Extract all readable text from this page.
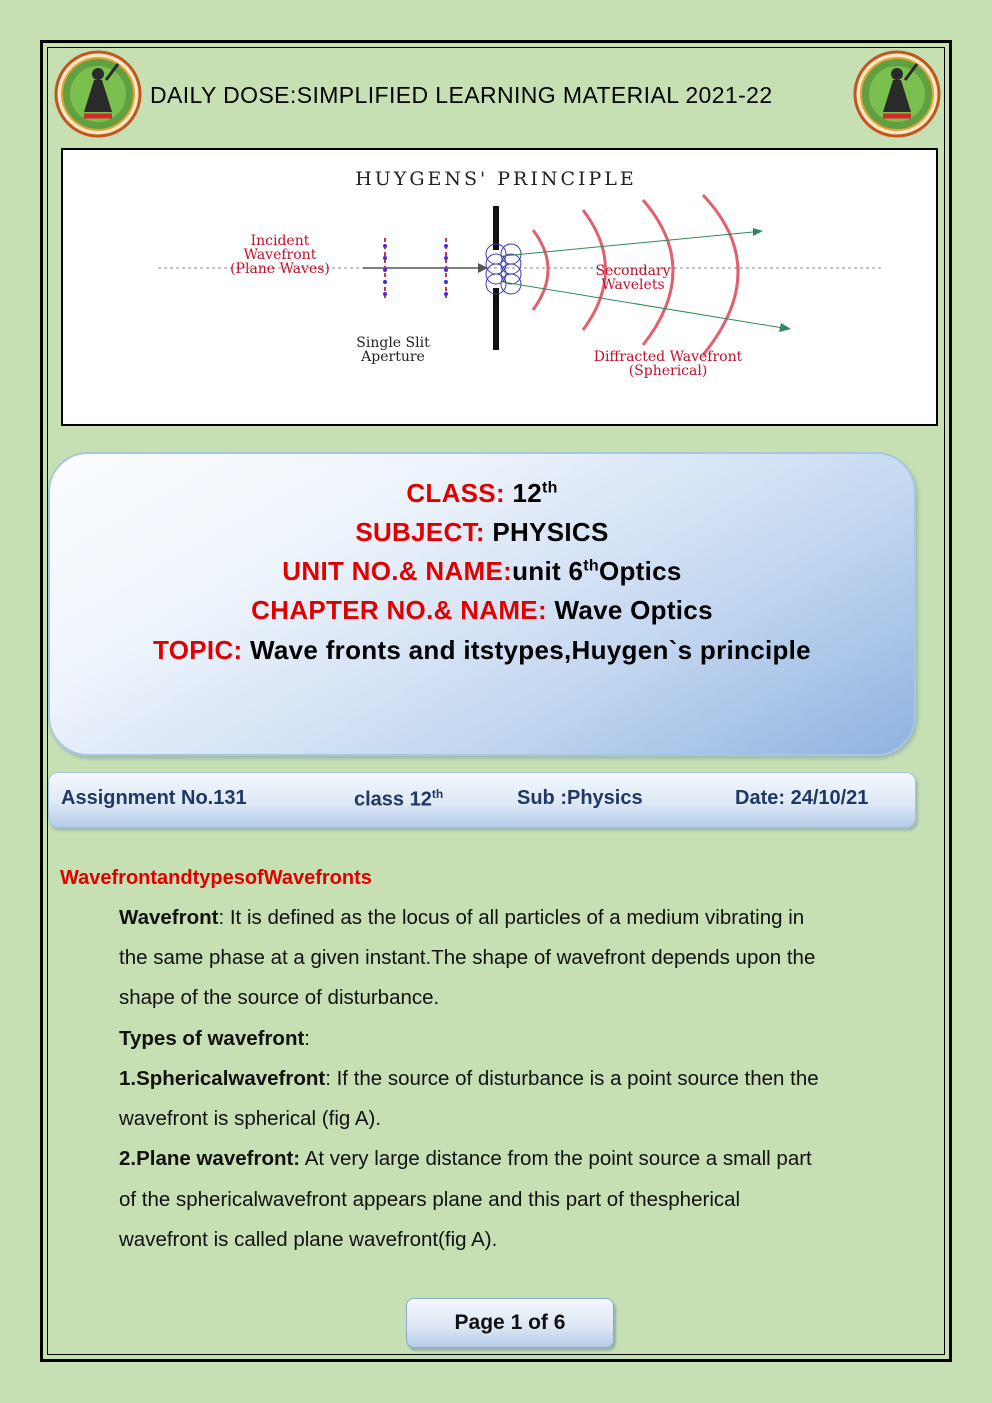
DAILY DOSE:SIMPLIFIED LEARNING MATERIAL 2021-22
Incident
Wavefront
(Plane Waves)
Single Slit
Aperture
Secondary
Wavelets
Diffracted Wavefront
(Spherical)
HUYGENS' PRINCIPLE
CLASS: 12th
SUBJECT: PHYSICS
UNIT NO.& NAME:unit 6thOptics
CHAPTER NO.& NAME: Wave Optics
TOPIC: Wave fronts and itstypes,Huygen`s principle
Assignment No.131	class 12th	Sub :Physics	Date: 24/10/21
WavefrontandtypesofWavefronts
Wavefront: It is defined as the locus of all particles of a medium vibrating in
the same phase at a given instant.The shape of wavefront depends upon the
shape of the source of disturbance.
Types of wavefront:
1.Sphericalwavefront: If the source of disturbance is a point source then the
wavefront is spherical (fig A).
2.Plane wavefront: At very large distance from the point source a small part
of the sphericalwavefront appears plane and this part of thespherical
wavefront is called plane wavefront(fig A).
Page 1 of 6
